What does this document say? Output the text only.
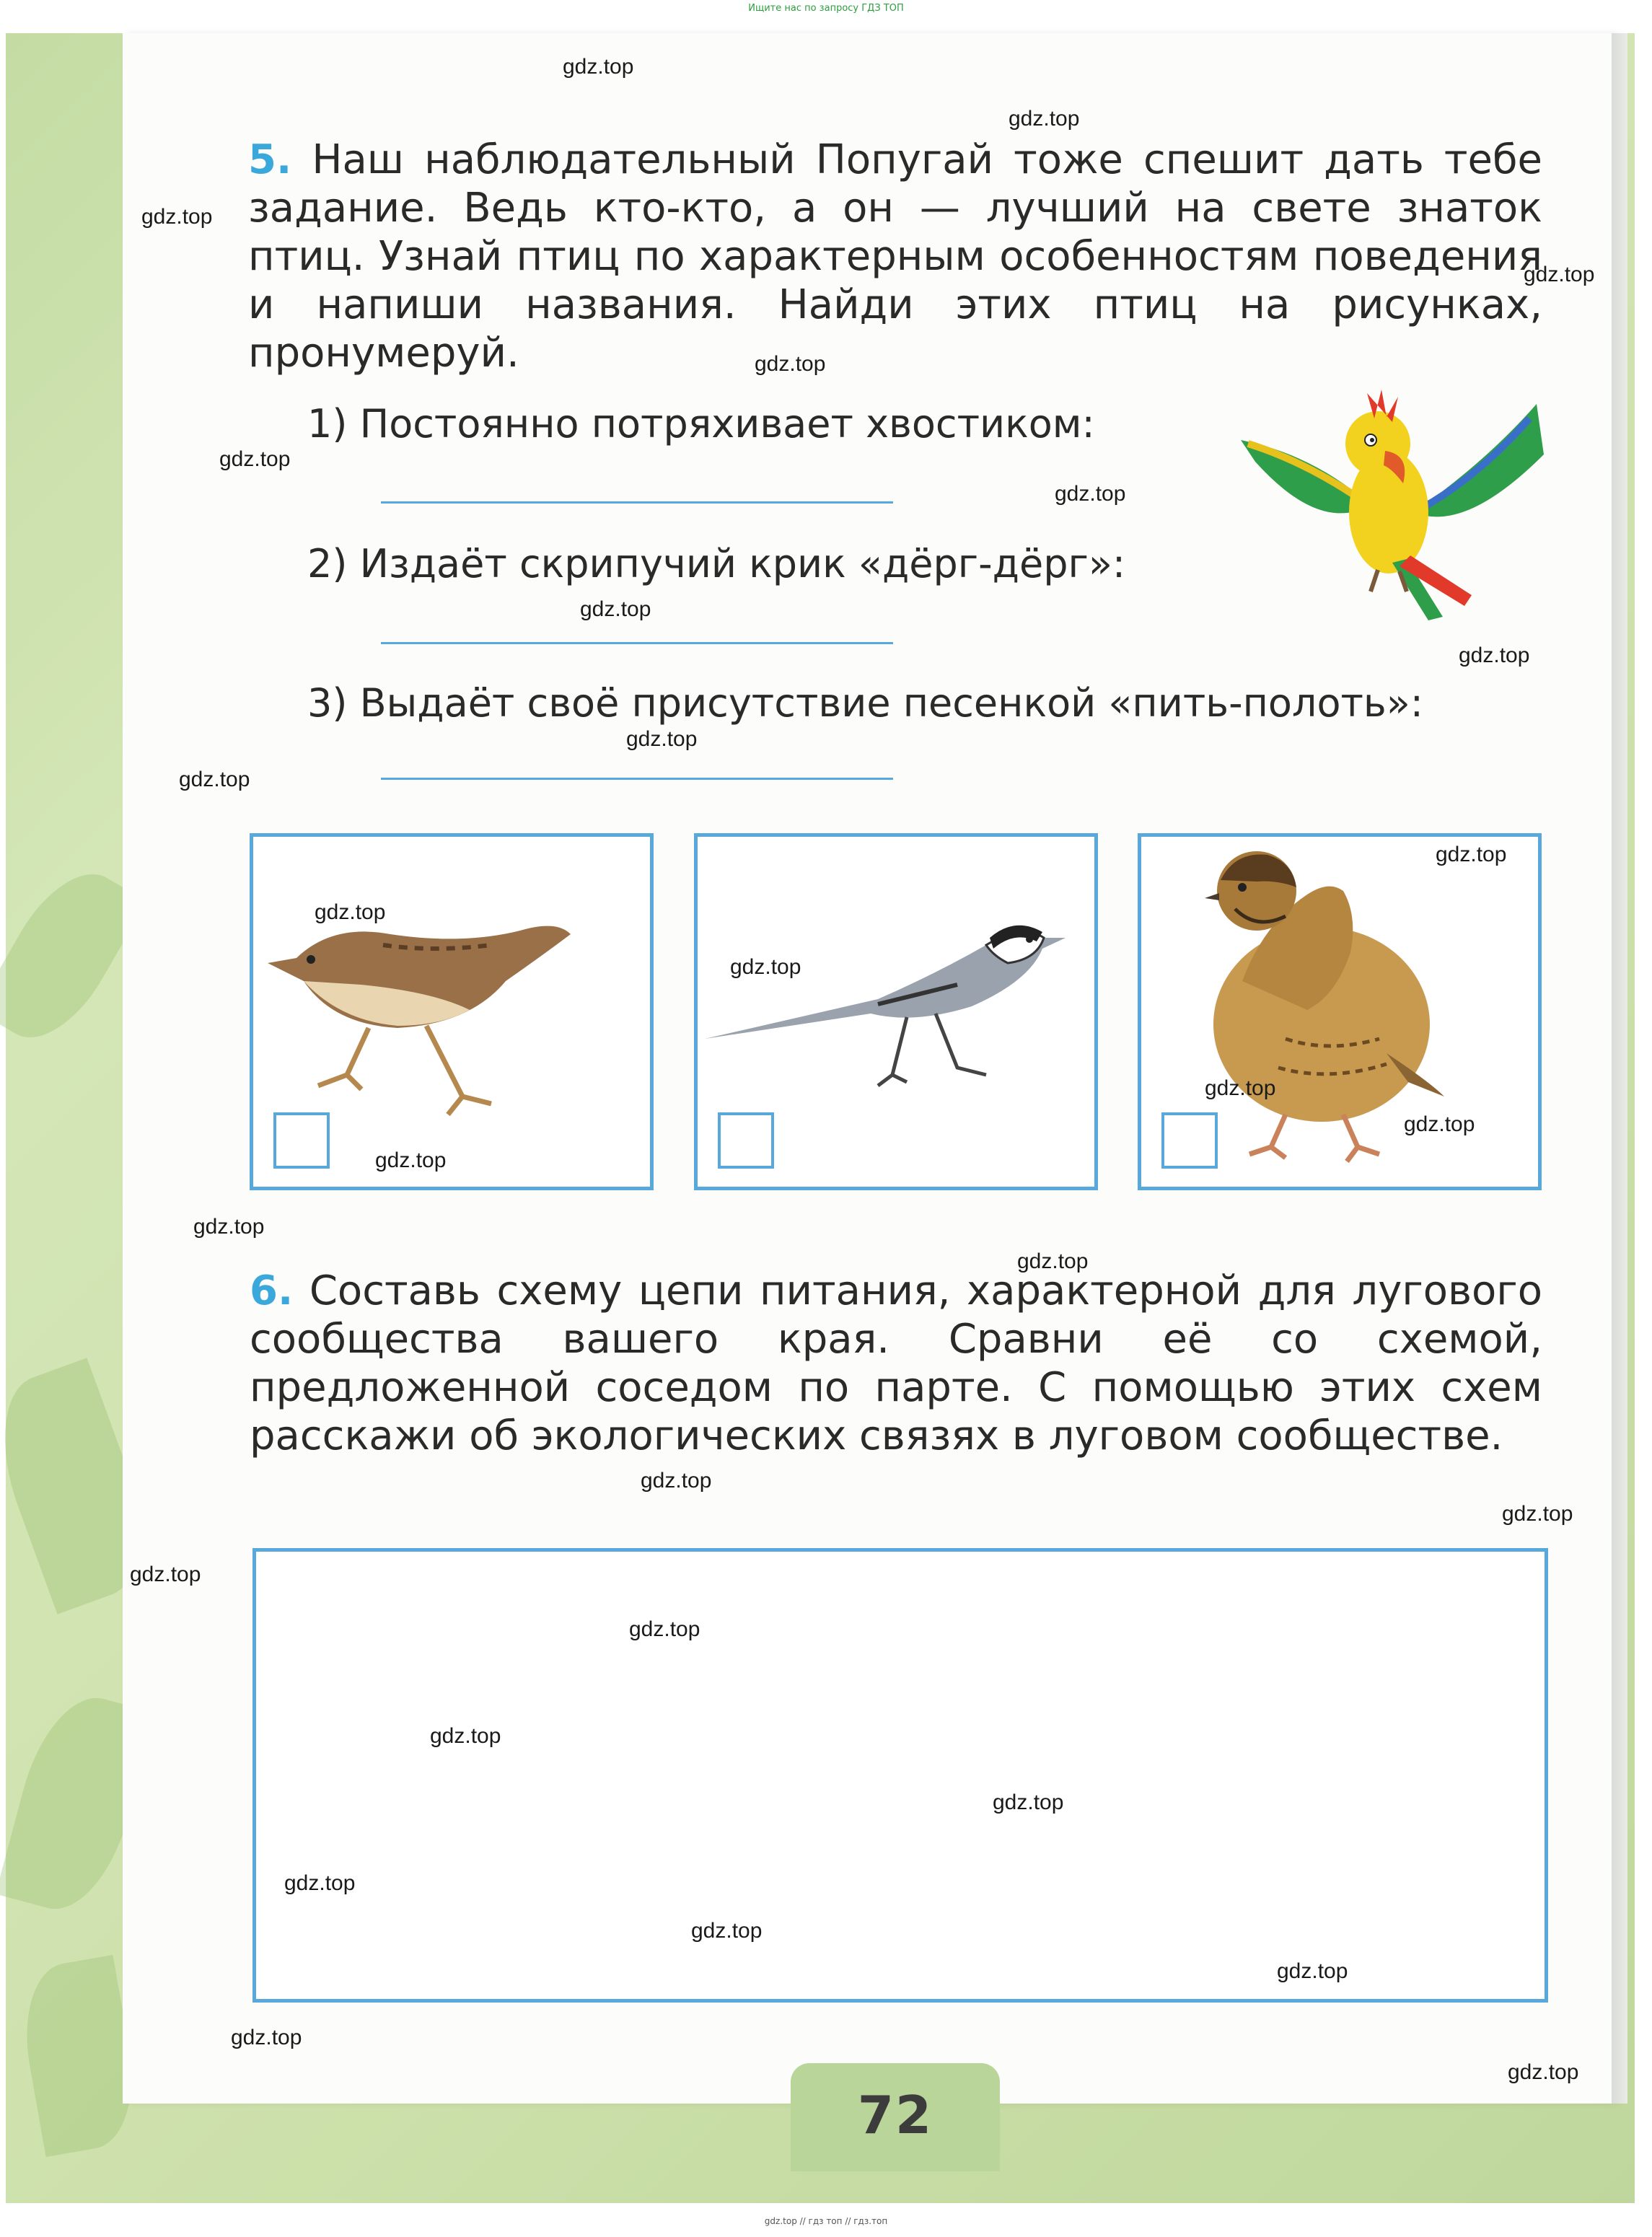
Ищите нас по запросу ГДЗ ТОП
5. Наш наблюдательный Попугай тоже спешит дать тебе задание. Ведь кто-кто, а он — лучший на свете знаток птиц. Узнай птиц по характерным особенностям поведения и напиши названия. Найди этих птиц на рисунках, пронумеруй.
1) Постоянно потряхивает хвостиком:
2) Издаёт скрипучий крик «дёрг-дёрг»:
3) Выдаёт своё присутствие песенкой «пить-полоть»:
6. Составь схему цепи питания, характерной для лугового сообщества вашего края. Сравни её со схемой, предложенной соседом по парте. С помощью этих схем расскажи об экологических связях в луговом сообществе.
72
gdz.top
gdz.top
gdz.top
gdz.top
gdz.top
gdz.top
gdz.top
gdz.top
gdz.top
gdz.top
gdz.top
gdz.top
gdz.top
gdz.top
gdz.top
gdz.top
gdz.top
gdz.top
gdz.top
gdz.top
gdz.top
gdz.top
gdz.top
gdz.top
gdz.top
gdz.top
gdz.top
gdz.top
gdz.top
gdz.top
gdz.top // гдз топ // гдз.топ
